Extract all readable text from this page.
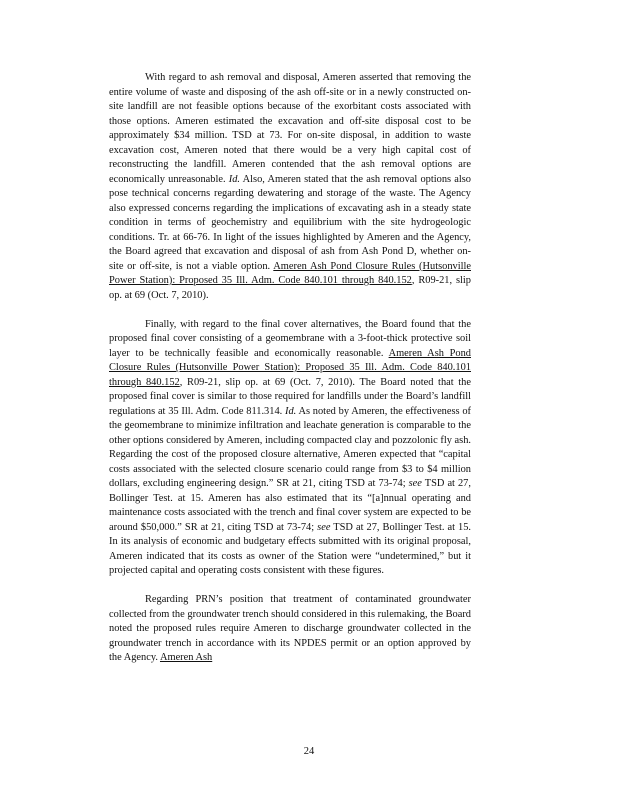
With regard to ash removal and disposal, Ameren asserted that removing the entire volume of waste and disposing of the ash off-site or in a newly constructed on-site landfill are not feasible options because of the exorbitant costs associated with those options. Ameren estimated the excavation and off-site disposal cost to be approximately $34 million. TSD at 73. For on-site disposal, in addition to waste excavation cost, Ameren noted that there would be a very high capital cost of reconstructing the landfill. Ameren contended that the ash removal options are economically unreasonable. Id. Also, Ameren stated that the ash removal options also pose technical concerns regarding dewatering and storage of the waste. The Agency also expressed concerns regarding the implications of excavating ash in a steady state condition in terms of geochemistry and equilibrium with the site hydrogeologic conditions. Tr. at 66-76. In light of the issues highlighted by Ameren and the Agency, the Board agreed that excavation and disposal of ash from Ash Pond D, whether on-site or off-site, is not a viable option. Ameren Ash Pond Closure Rules (Hutsonville Power Station): Proposed 35 Ill. Adm. Code 840.101 through 840.152, R09-21, slip op. at 69 (Oct. 7, 2010).

Finally, with regard to the final cover alternatives, the Board found that the proposed final cover consisting of a geomembrane with a 3-foot-thick protective soil layer to be technically feasible and economically reasonable. Ameren Ash Pond Closure Rules (Hutsonville Power Station): Proposed 35 Ill. Adm. Code 840.101 through 840.152, R09-21, slip op. at 69 (Oct. 7, 2010). The Board noted that the proposed final cover is similar to those required for landfills under the Board’s landfill regulations at 35 Ill. Adm. Code 811.314. Id. As noted by Ameren, the effectiveness of the geomembrane to minimize infiltration and leachate generation is comparable to the other options considered by Ameren, including compacted clay and pozzolonic fly ash. Regarding the cost of the proposed closure alternative, Ameren expected that “capital costs associated with the selected closure scenario could range from $3 to $4 million dollars, excluding engineering design.” SR at 21, citing TSD at 73-74; see TSD at 27, Bollinger Test. at 15. Ameren has also estimated that its “[a]nnual operating and maintenance costs associated with the trench and final cover system are expected to be around $50,000.” SR at 21, citing TSD at 73-74; see TSD at 27, Bollinger Test. at 15. In its analysis of economic and budgetary effects submitted with its original proposal, Ameren indicated that its costs as owner of the Station were “undetermined,” but it projected capital and operating costs consistent with these figures.

Regarding PRN’s position that treatment of contaminated groundwater collected from the groundwater trench should considered in this rulemaking, the Board noted the proposed rules require Ameren to discharge groundwater collected in the groundwater trench in accordance with its NPDES permit or an option approved by the Agency. Ameren Ash

24
